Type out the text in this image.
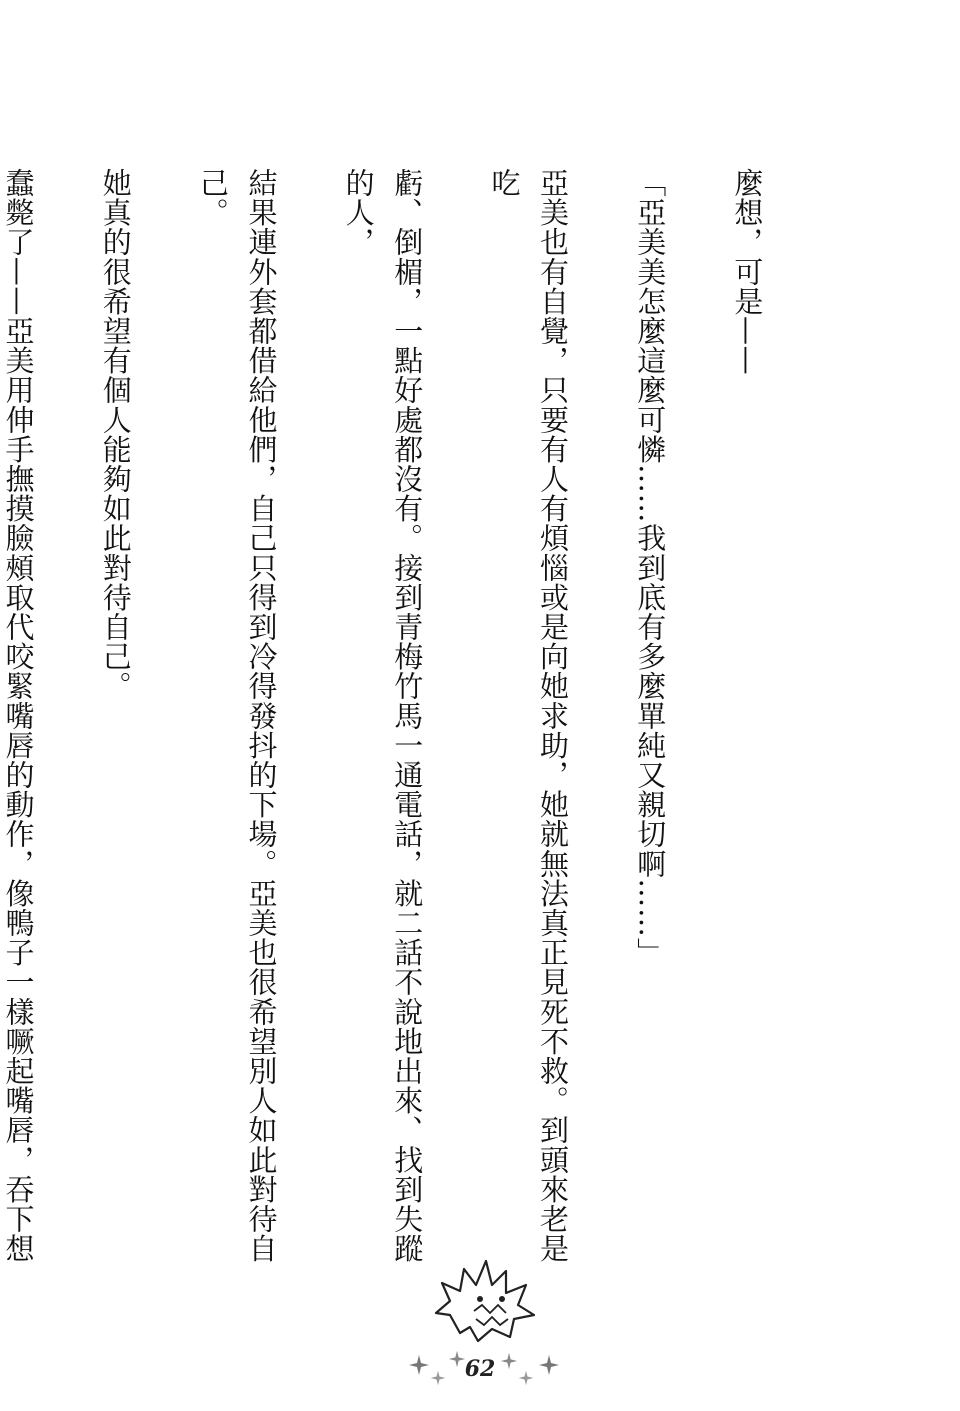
麼想，可是——

「亞美美怎麼這麼可憐……我到底有多麼單純又親切啊……」

亞美也有自覺，只要有人有煩惱或是向她求助，她就無法真正見死不救。到頭來老是吃

虧、倒楣，一點好處都沒有。接到青梅竹馬一通電話，就二話不說地出來、找到失蹤的人，

結果連外套都借給他們，自己只得到冷得發抖的下場。亞美也很希望別人如此對待自己。

她真的很希望有個人能夠如此對待自己。

蠢斃了——亞美用伸手撫摸臉頰取代咬緊嘴唇的動作，像鴨子一樣噘起嘴唇，吞下想

62
